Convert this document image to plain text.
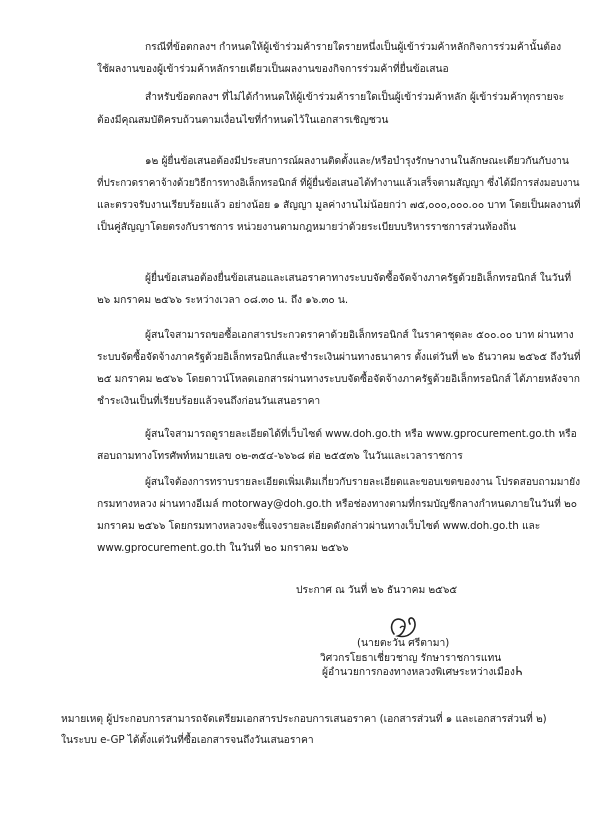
กรณีที่ข้อตกลงฯ กำหนดให้ผู้เข้าร่วมค้ารายใดรายหนึ่งเป็นผู้เข้าร่วมค้าหลักกิจการร่วมค้านั้นต้อง
ใช้ผลงานของผู้เข้าร่วมค้าหลักรายเดียวเป็นผลงานของกิจการร่วมค้าที่ยื่นข้อเสนอ
สำหรับข้อตกลงฯ ที่ไม่ได้กำหนดให้ผู้เข้าร่วมค้ารายใดเป็นผู้เข้าร่วมค้าหลัก ผู้เข้าร่วมค้าทุกรายจะ
ต้องมีคุณสมบัติครบถ้วนตามเงื่อนไขที่กำหนดไว้ในเอกสารเชิญชวน
๑๒ ผู้ยื่นข้อเสนอต้องมีประสบการณ์ผลงานติดตั้งและ/หรือบำรุงรักษางานในลักษณะเดียวกันกับงาน
ที่ประกวดราคาจ้างด้วยวิธีการทางอิเล็กทรอนิกส์ ที่ผู้ยื่นข้อเสนอได้ทำงานแล้วเสร็จตามสัญญา ซึ่งได้มีการส่งมอบงาน
และตรวจรับงานเรียบร้อยแล้ว อย่างน้อย ๑ สัญญา มูลค่างานไม่น้อยกว่า ๗๕,๐๐๐,๐๐๐.๐๐ บาท โดยเป็นผลงานที่
เป็นคู่สัญญาโดยตรงกับราชการ หน่วยงานตามกฎหมายว่าด้วยระเบียบบริหารราชการส่วนท้องถิ่น
ผู้ยื่นข้อเสนอต้องยื่นข้อเสนอและเสนอราคาทางระบบจัดซื้อจัดจ้างภาครัฐด้วยอิเล็กทรอนิกส์ ในวันที่
๒๖ มกราคม ๒๕๖๖ ระหว่างเวลา ๐๘.๓๐ น. ถึง ๑๖.๓๐ น.
ผู้สนใจสามารถขอซื้อเอกสารประกวดราคาด้วยอิเล็กทรอนิกส์ ในราคาชุดละ ๕๐๐.๐๐ บาท ผ่านทาง
ระบบจัดซื้อจัดจ้างภาครัฐด้วยอิเล็กทรอนิกส์และชำระเงินผ่านทางธนาคาร ตั้งแต่วันที่ ๒๖ ธันวาคม ๒๕๖๕ ถึงวันที่
๒๕ มกราคม ๒๕๖๖ โดยดาวน์โหลดเอกสารผ่านทางระบบจัดซื้อจัดจ้างภาครัฐด้วยอิเล็กทรอนิกส์ ได้ภายหลังจาก
ชำระเงินเป็นที่เรียบร้อยแล้วจนถึงก่อนวันเสนอราคา
ผู้สนใจสามารถดูรายละเอียดได้ที่เว็บไซต์ www.doh.go.th หรือ www.gprocurement.go.th หรือ
สอบถามทางโทรศัพท์หมายเลข ๐๒-๓๕๔-๖๖๖๘ ต่อ ๒๕๕๓๖ ในวันและเวลาราชการ
ผู้สนใจต้องการทราบรายละเอียดเพิ่มเติมเกี่ยวกับรายละเอียดและขอบเขตของงาน โปรดสอบถามมายัง
กรมทางหลวง ผ่านทางอีเมล์ motorway@doh.go.th หรือช่องทางตามที่กรมบัญชีกลางกำหนดภายในวันที่ ๒๐
มกราคม ๒๕๖๖ โดยกรมทางหลวงจะชี้แจงรายละเอียดดังกล่าวผ่านทางเว็บไซต์ www.doh.go.th และ
www.gprocurement.go.th ในวันที่ ๒๐ มกราคม ๒๕๖๖
ประกาศ ณ วันที่ ๒๖ ธันวาคม ๒๕๖๕
(นายตะวัน ศรีตามา)
วิศวกรโยธาเชี่ยวชาญ รักษาราชการแทน
ผู้อำนวยการกองทางหลวงพิเศษระหว่างเมือง
หมายเหตุ ผู้ประกอบการสามารถจัดเตรียมเอกสารประกอบการเสนอราคา (เอกสารส่วนที่ ๑ และเอกสารส่วนที่ ๒)
ในระบบ e-GP ได้ตั้งแต่วันที่ซื้อเอกสารจนถึงวันเสนอราคา
